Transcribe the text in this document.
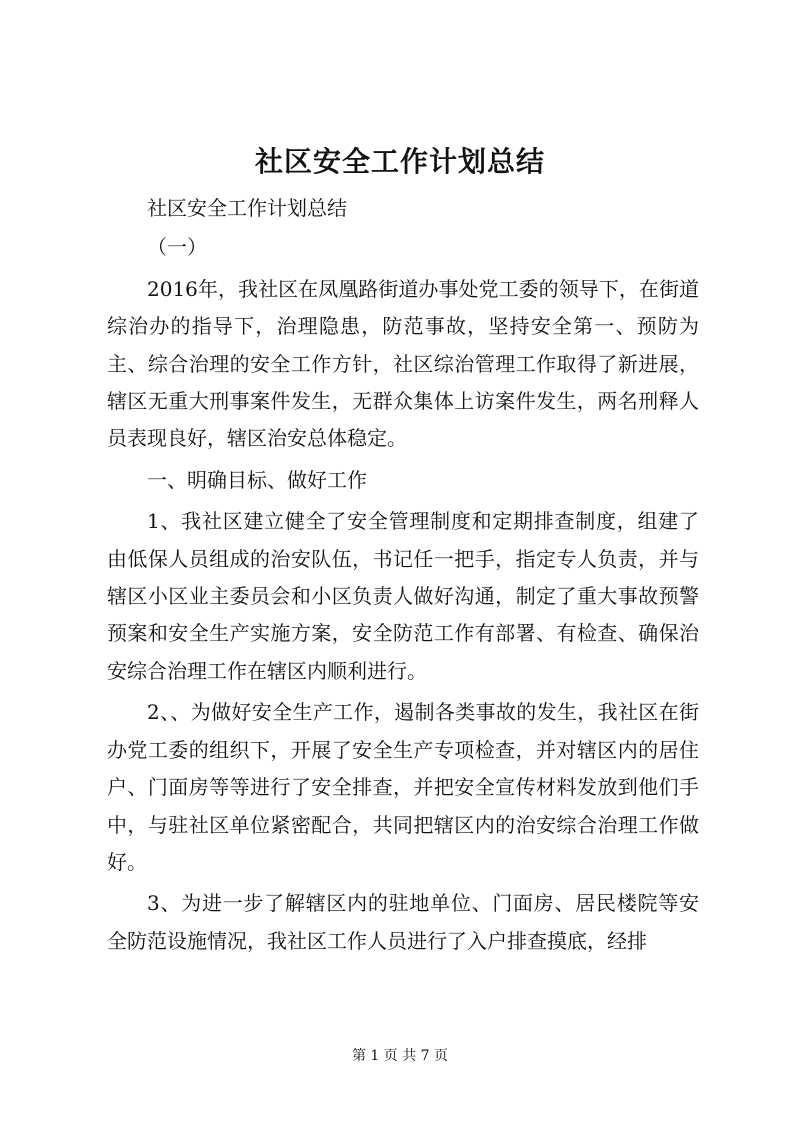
社区安全工作计划总结

社区安全工作计划总结

（一）

2016年，我社区在凤凰路街道办事处党工委的领导下，在街道综治办的指导下，治理隐患，防范事故，坚持安全第一、预防为主、综合治理的安全工作方针，社区综治管理工作取得了新进展，辖区无重大刑事案件发生，无群众集体上访案件发生，两名刑释人员表现良好，辖区治安总体稳定。

一、明确目标、做好工作

1、我社区建立健全了安全管理制度和定期排查制度，组建了由低保人员组成的治安队伍，书记任一把手，指定专人负责，并与辖区小区业主委员会和小区负责人做好沟通，制定了重大事故预警预案和安全生产实施方案，安全防范工作有部署、有检查、确保治安综合治理工作在辖区内顺利进行。

2、、为做好安全生产工作，遏制各类事故的发生，我社区在街办党工委的组织下，开展了安全生产专项检查，并对辖区内的居住户、门面房等等进行了安全排查，并把安全宣传材料发放到他们手中，与驻社区单位紧密配合，共同把辖区内的治安综合治理工作做好。

3、为进一步了解辖区内的驻地单位、门面房、居民楼院等安全防范设施情况，我社区工作人员进行了入户排查摸底，经排

第 1 页 共 7 页
